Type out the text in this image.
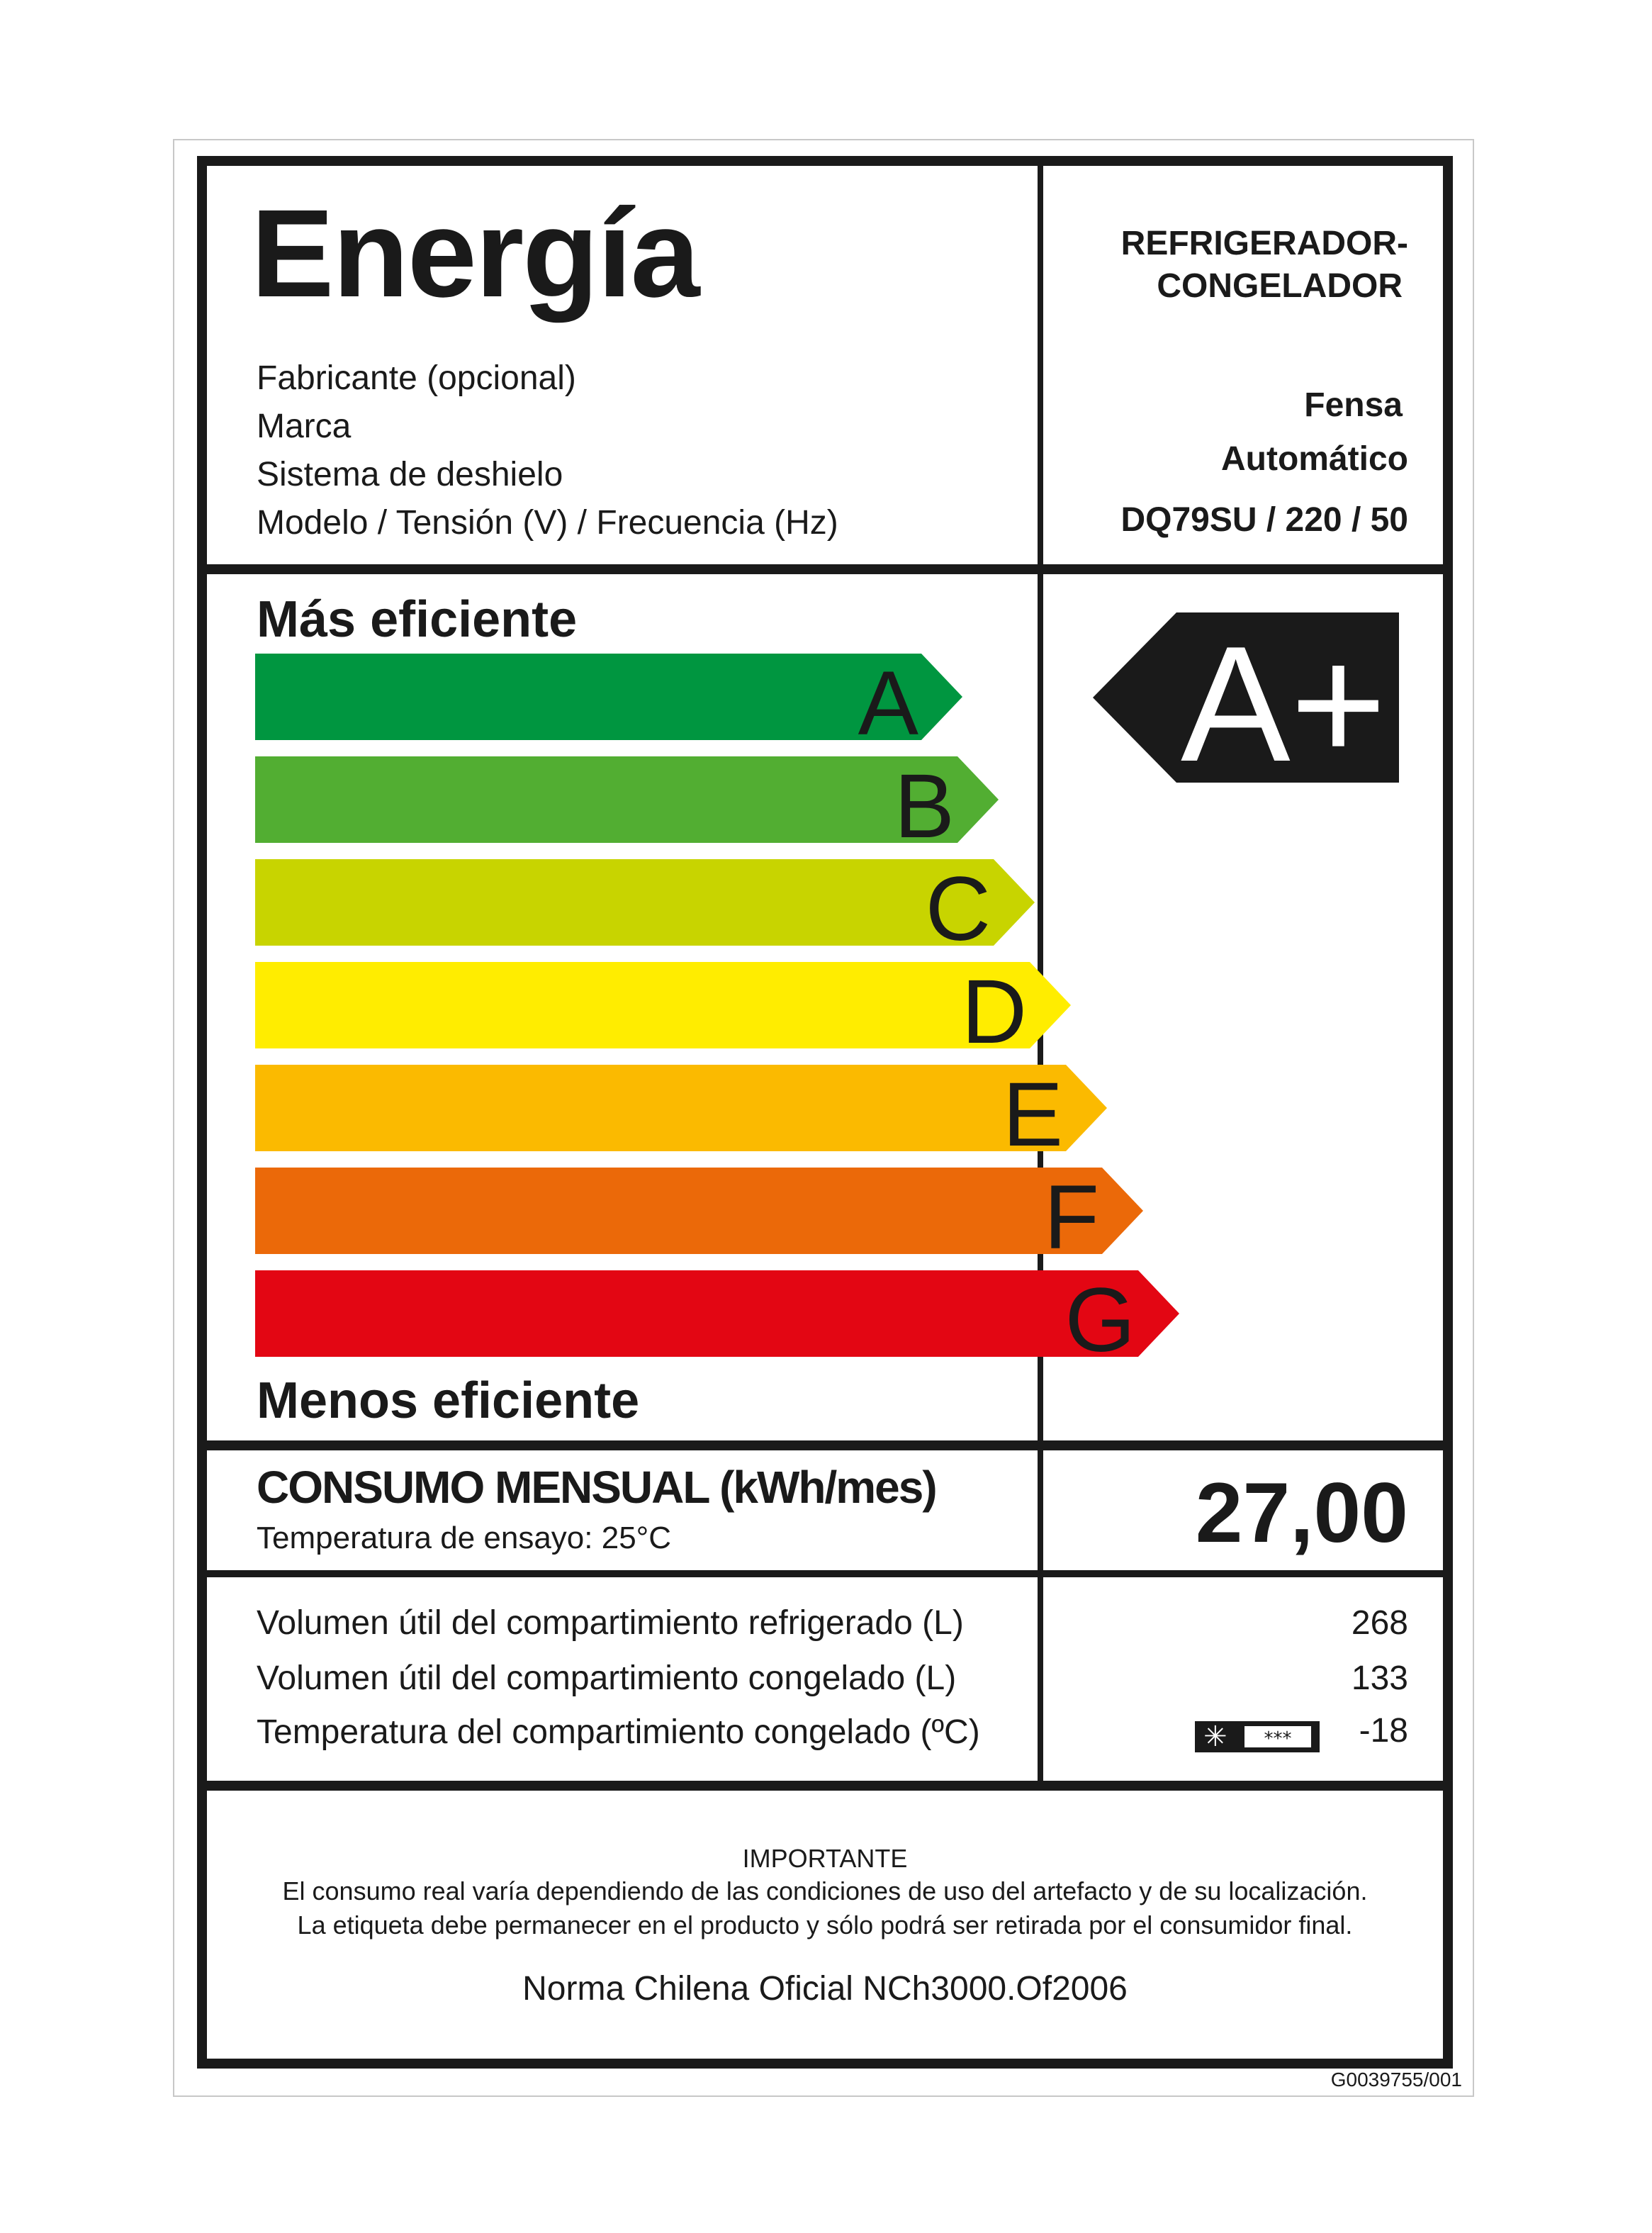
Energía
Fabricante (opcional)
Marca
Sistema de deshielo
Modelo / Tensión (V) / Frecuencia (Hz)
REFRIGERADOR-
CONGELADOR
Fensa
Automático
DQ79SU / 220 / 50
Más eficiente
Menos eficiente
A
B
C
D
E
F
G
A+
CONSUMO MENSUAL (kWh/mes)
Temperatura de ensayo: 25°C	27,00
Volumen útil del compartimiento refrigerado (L)
Volumen útil del compartimiento congelado (L)
Temperatura del compartimiento congelado (ºC)
268
133
-18
✳	***
IMPORTANTE
El consumo real varía dependiendo de las condiciones de uso del artefacto y de su localización.
La etiqueta debe permanecer en el producto y sólo podrá ser retirada por el consumidor final.
Norma Chilena Oficial NCh3000.Of2006
G0039755/001
